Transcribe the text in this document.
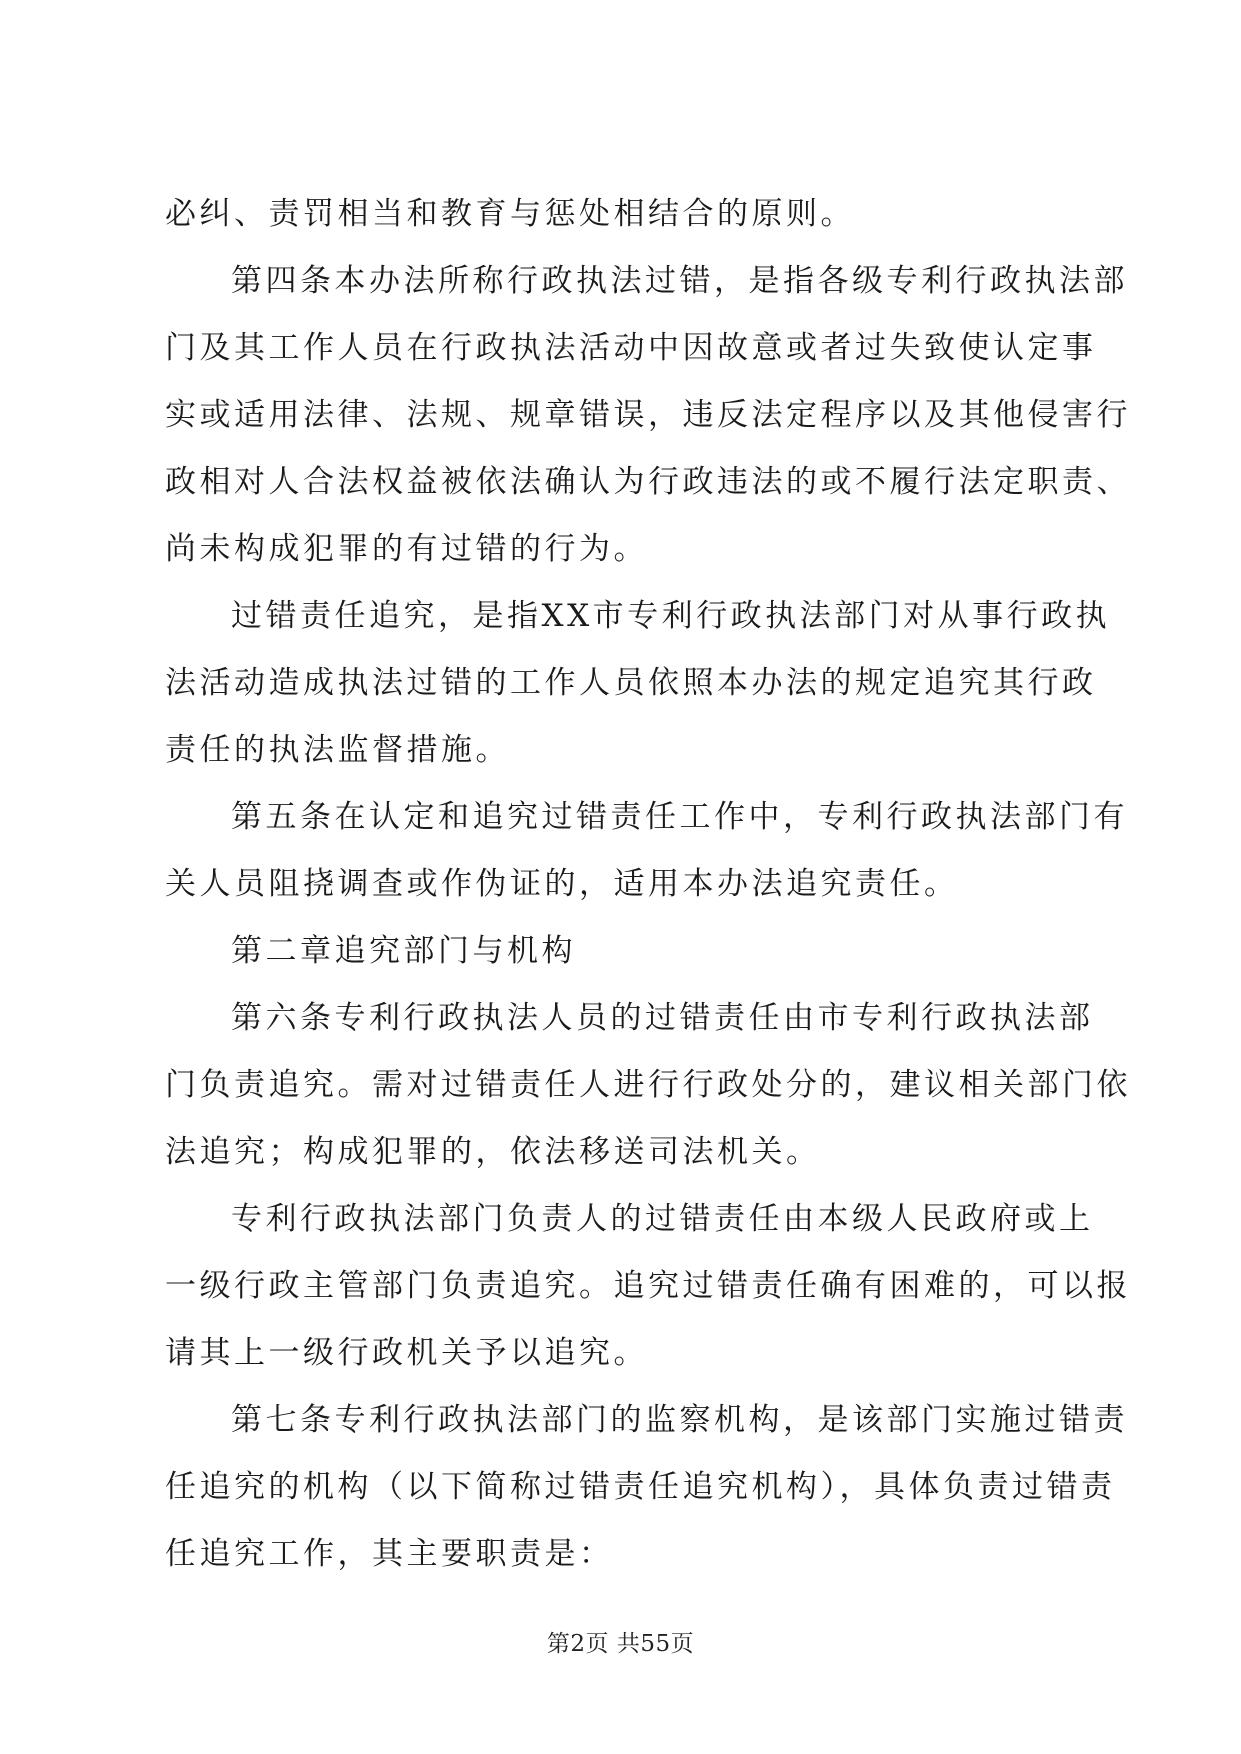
必纠、责罚相当和教育与惩处相结合的原则。
第四条本办法所称行政执法过错，是指各级专利行政执法部
门及其工作人员在行政执法活动中因故意或者过失致使认定事
实或适用法律、法规、规章错误，违反法定程序以及其他侵害行
政相对人合法权益被依法确认为行政违法的或不履行法定职责、
尚未构成犯罪的有过错的行为。
过错责任追究，是指XX市专利行政执法部门对从事行政执
法活动造成执法过错的工作人员依照本办法的规定追究其行政
责任的执法监督措施。
第五条在认定和追究过错责任工作中，专利行政执法部门有
关人员阻挠调查或作伪证的，适用本办法追究责任。
第二章追究部门与机构
第六条专利行政执法人员的过错责任由市专利行政执法部
门负责追究。需对过错责任人进行行政处分的，建议相关部门依
法追究；构成犯罪的，依法移送司法机关。
专利行政执法部门负责人的过错责任由本级人民政府或上
一级行政主管部门负责追究。追究过错责任确有困难的，可以报
请其上一级行政机关予以追究。
第七条专利行政执法部门的监察机构，是该部门实施过错责
任追究的机构（以下简称过错责任追究机构），具体负责过错责
任追究工作，其主要职责是：
第2页 共55页
